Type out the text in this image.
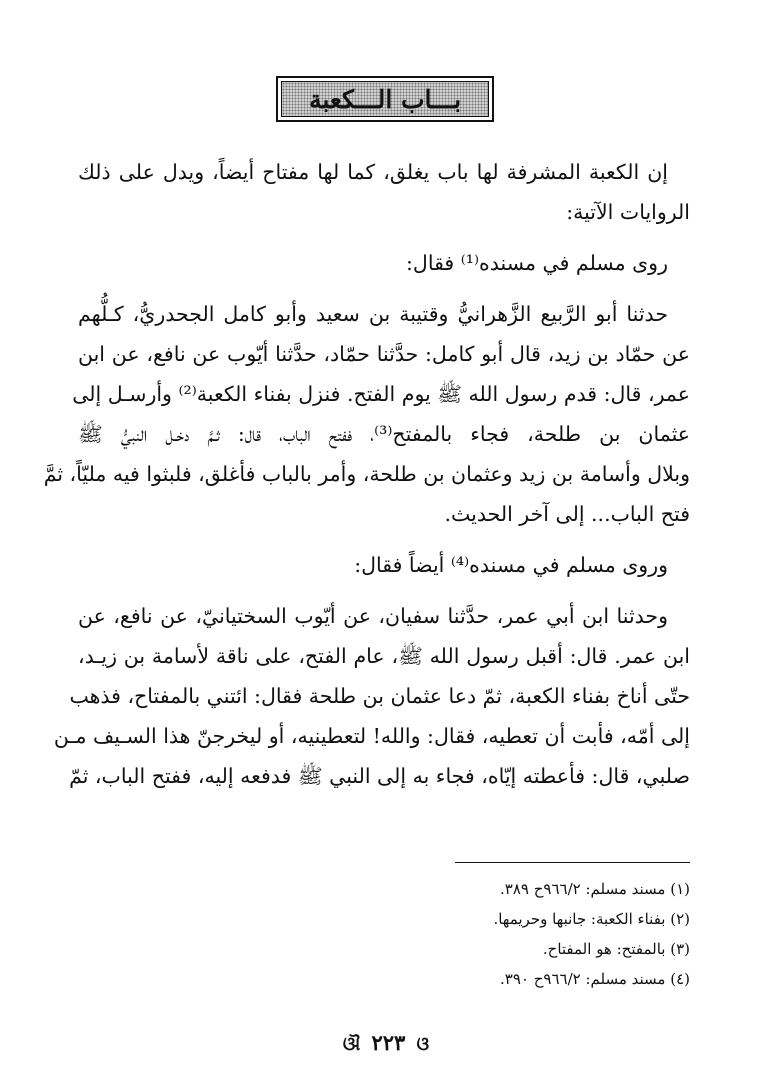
بـــاب الـــكعبة
إن الكعبة المشرفة لها باب يغلق، كما لها مفتاح أيضاً، ويدل على ذلك
الروايات الآتية:
روى مسلم في مسنده⁽¹⁾ فقال:
حدثنا أبو الرَّبيع الزَّهرانيُّ وقتيبة بن سعيد وأبو كامل الجحدريُّ، كـلُّهم
عن حمّاد بن زيد، قال أبو كامل: حدَّثنا حمّاد، حدَّثنا أيّوب عن نافع، عن ابن
عمر، قال: قدم رسول الله ﷺ يوم الفتح. فنزل بفناء الكعبة⁽²⁾ وأرسـل إلى
عثمان بن طلحة، فجاء بالمفتح⁽³⁾، ففتح الباب، قال: ثـمَّ دخـل النبيُّ ﷺ
وبلال وأسامة بن زيد وعثمان بن طلحة، وأمر بالباب فأغلق، فلبثوا فيه مليّاً، ثمَّ
فتح الباب... إلى آخر الحديث.
وروى مسلم في مسنده⁽⁴⁾ أيضاً فقال:
وحدثنا ابن أبي عمر، حدَّثنا سفيان، عن أيّوب السختيانيّ، عن نافع، عن
ابن عمر. قال: أقبل رسول الله ﷺ، عام الفتح، على ناقة لأسامة بن زيـد،
حتّى أناخ بفناء الكعبة، ثمّ دعا عثمان بن طلحة فقال: ائتني بالمفتاح، فذهب
إلى أمّه، فأبت أن تعطيه، فقال: والله! لتعطينيه، أو ليخرجنّ هذا السـيف مـن
صلبي، قال: فأعطته إيّاه، فجاء به إلى النبي ﷺ فدفعه إليه، ففتح الباب، ثمّ
(١) مسند مسلم: ٩٦٦/٢ح ٣٨٩.
(٢) بفناء الكعبة: جانبها وحريمها.
(٣) بالمفتح: هو المفتاح.
(٤) مسند مسلم: ٩٦٦/٢ح ٣٩٠.
ଓ ٢٢٣ ଔ
